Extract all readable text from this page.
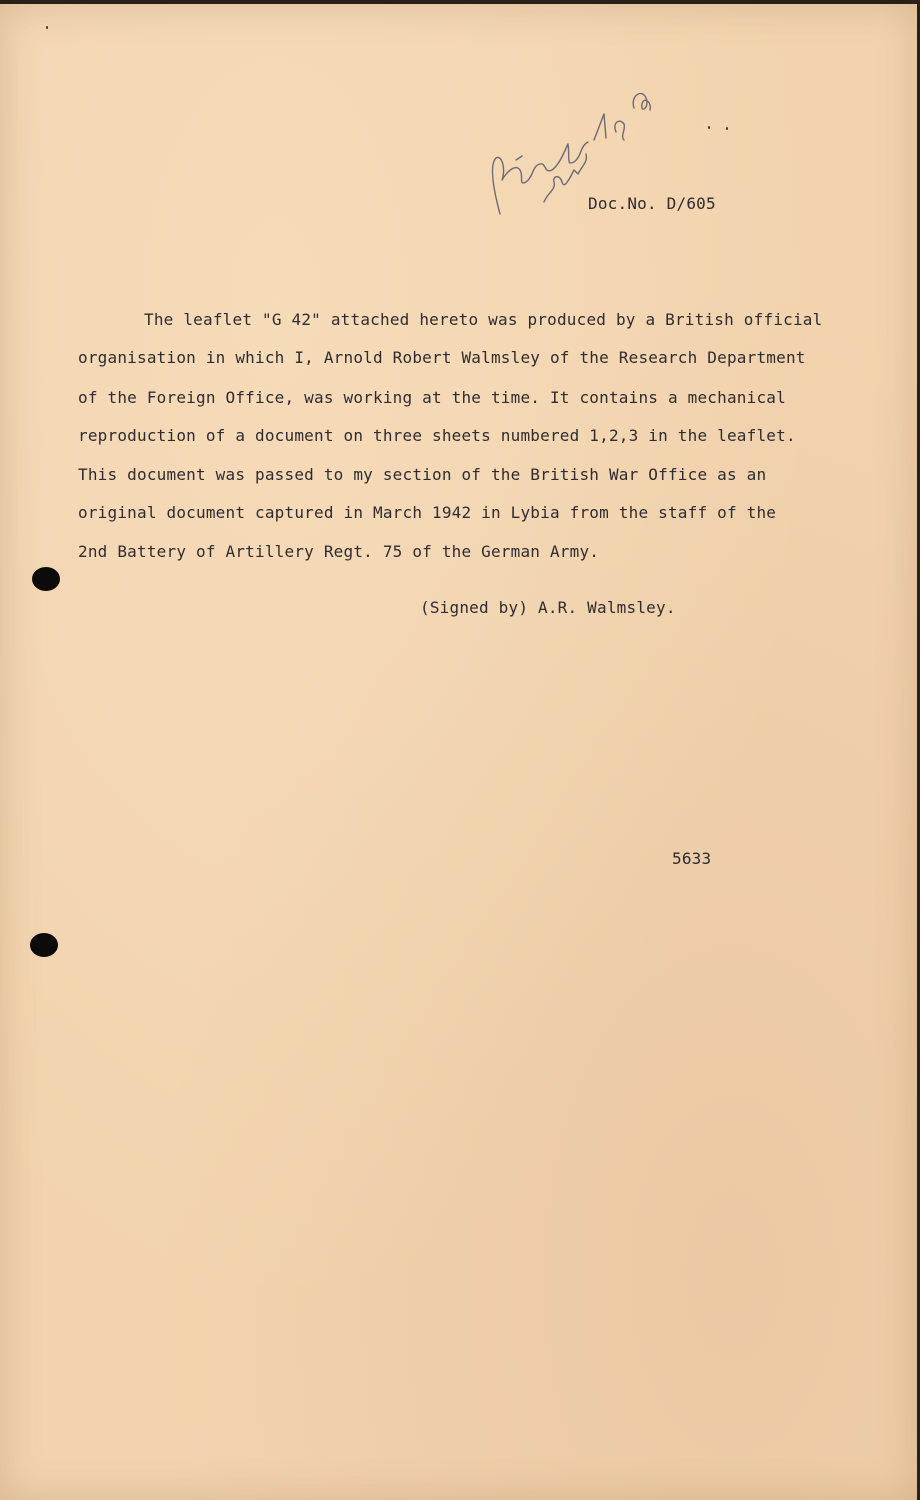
Doc.No. D/605
The leaflet "G 42" attached hereto was produced by a British official
organisation in which I, Arnold Robert Walmsley of the Research Department
of the Foreign Office, was working at the time. It contains a mechanical
reproduction of a document on three sheets numbered 1,2,3 in the leaflet.
This document was passed to my section of the British War Office as an
original document captured in March 1942 in Lybia from the staff of the
2nd Battery of Artillery Regt. 75 of the German Army.
(Signed by) A.R. Walmsley.
5633
